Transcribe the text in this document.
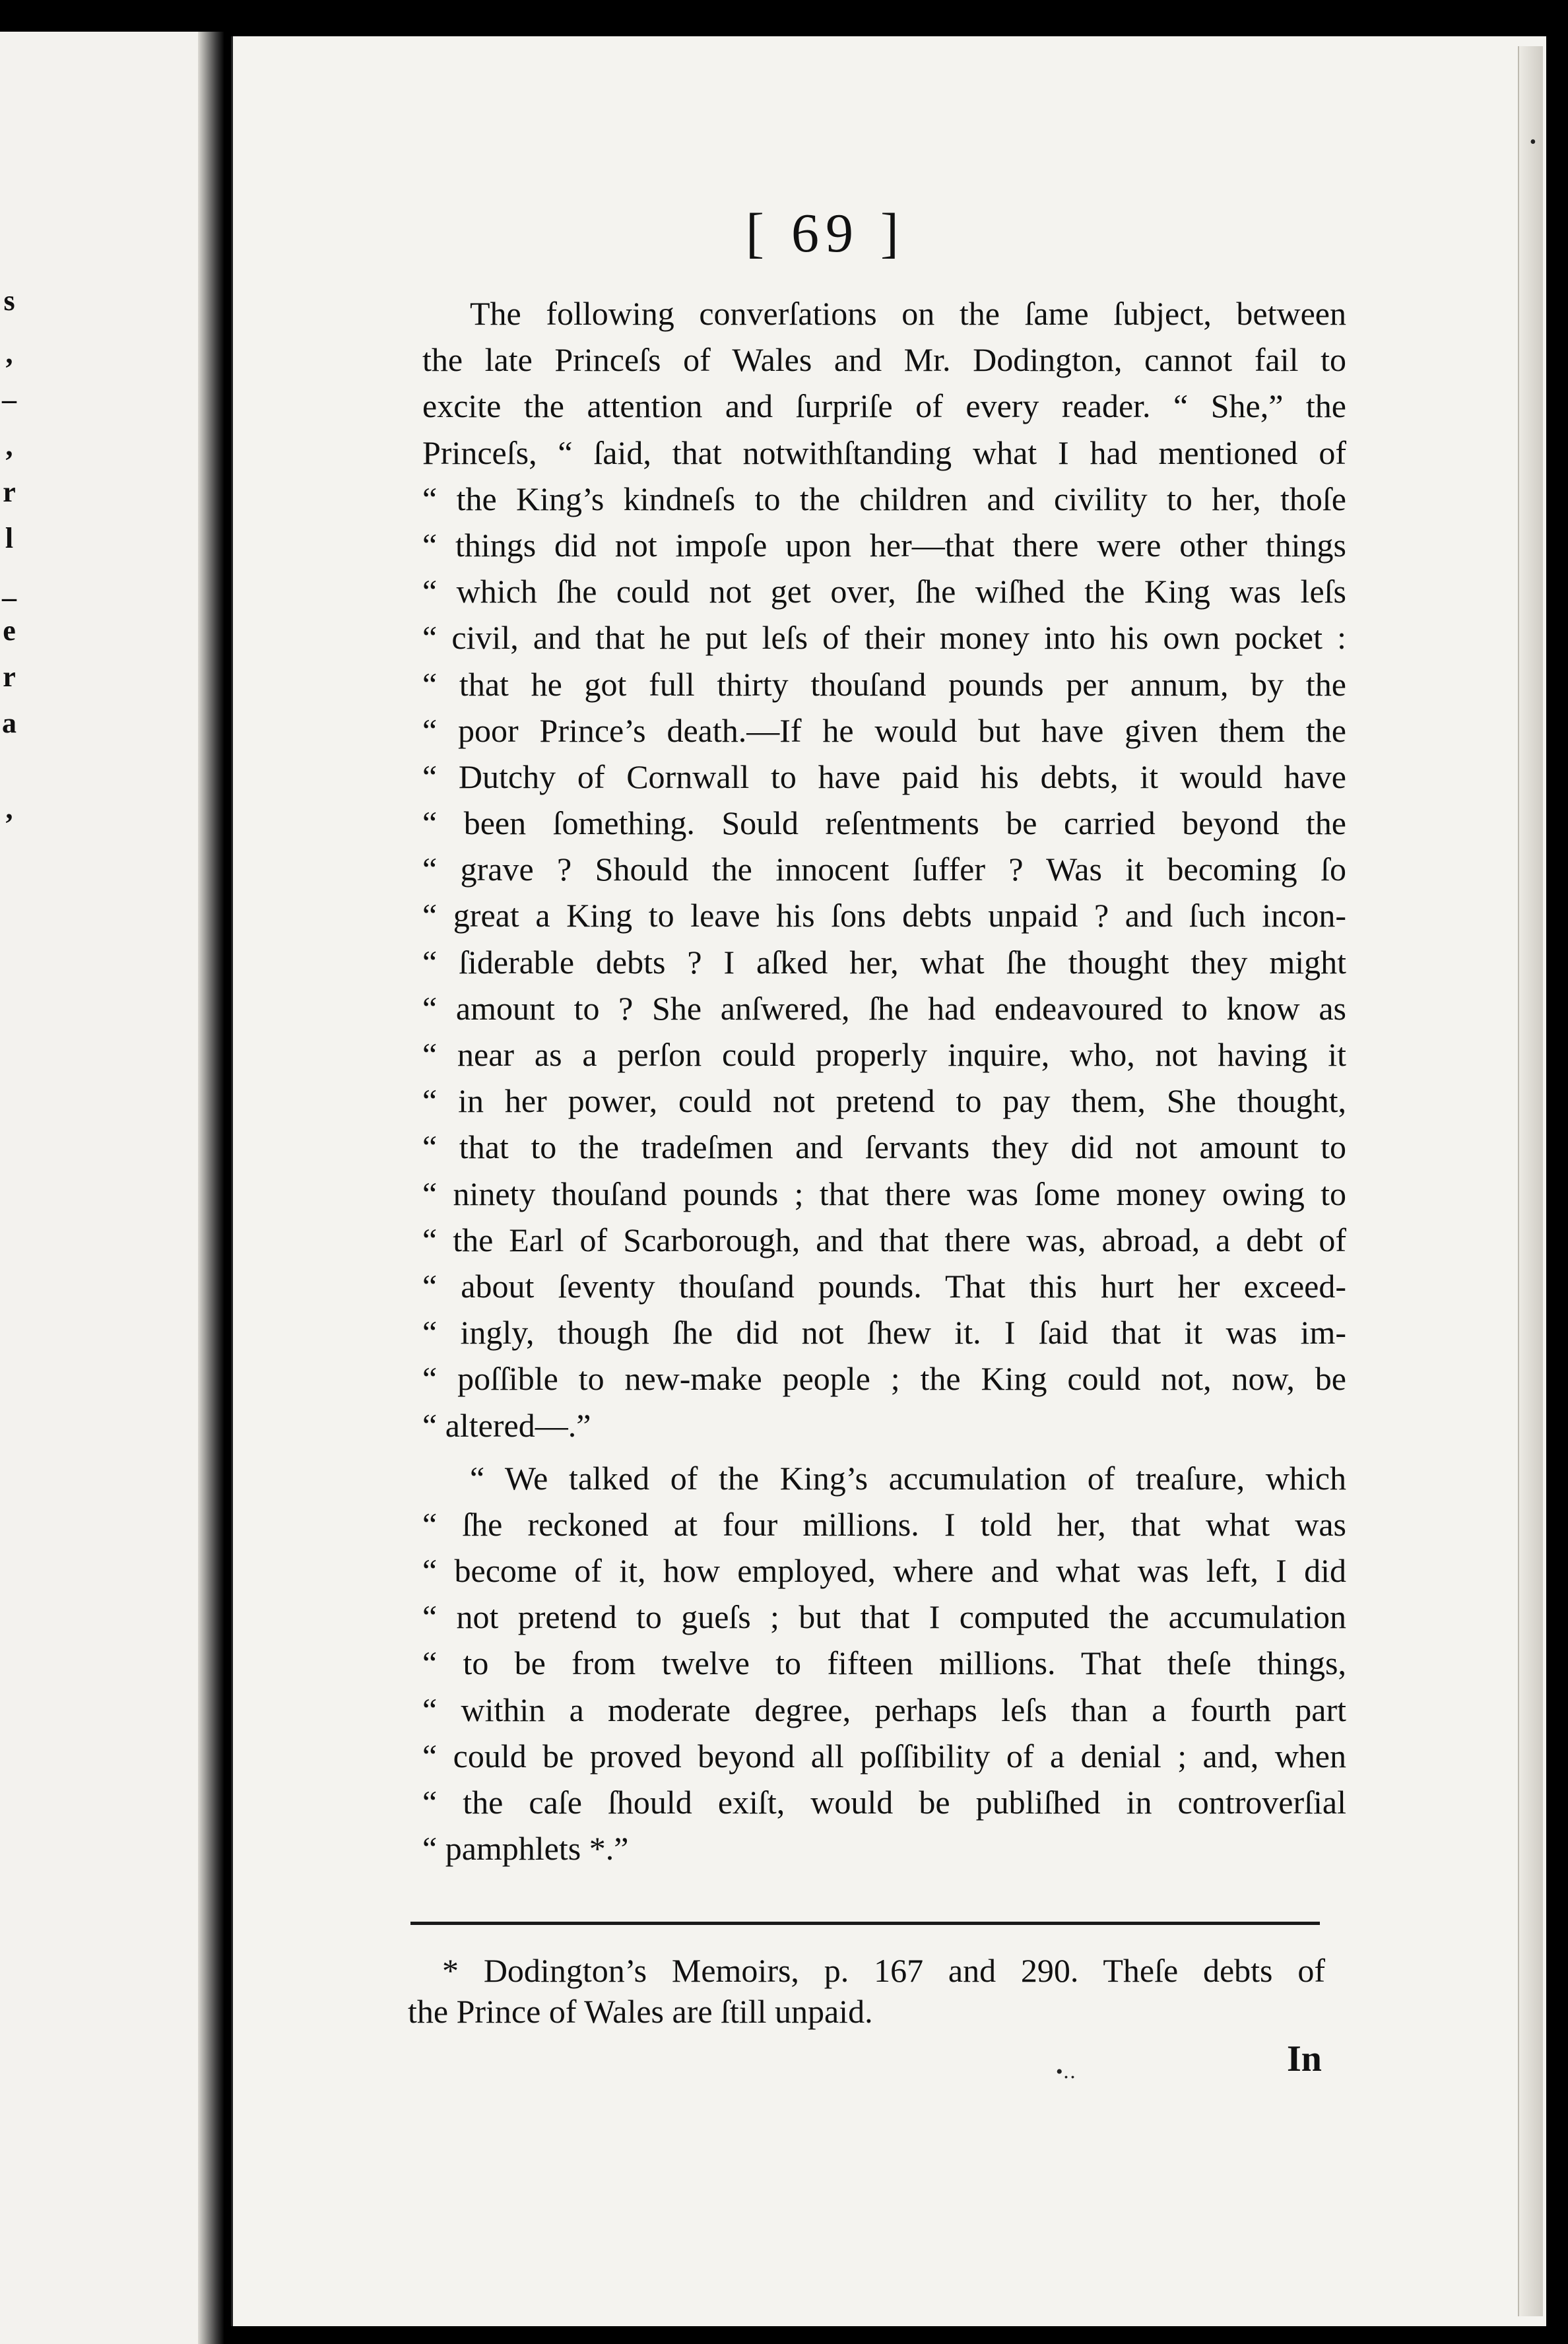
s
,
–
,
r
l
–
e
r
a
,
[ 69 ]
The following converſations on the ſame ſubject, between
the late Princeſs of Wales and Mr. Dodington, cannot fail to
excite the attention and ſurpriſe of every reader. “ She,” the
Princeſs, “ ſaid, that notwithſtanding what I had mentioned of
“ the King’s kindneſs to the children and civility to her, thoſe
“ things did not impoſe upon her—that there were other things
“ which ſhe could not get over, ſhe wiſhed the King was leſs
“ civil, and that he put leſs of their money into his own pocket :
“ that he got full thirty thouſand pounds per annum, by the
“ poor Prince’s death.—If he would but have given them the
“ Dutchy of Cornwall to have paid his debts, it would have
“ been ſomething. Sould reſentments be carried beyond the
“ grave ? Should the innocent ſuffer ? Was it becoming ſo
“ great a King to leave his ſons debts unpaid ? and ſuch incon-
“ ſiderable debts ? I aſked her, what ſhe thought they might
“ amount to ? She anſwered, ſhe had endeavoured to know as
“ near as a perſon could properly inquire, who, not having it
“ in her power, could not pretend to pay them, She thought,
“ that to the tradeſmen and ſervants they did not amount to
“ ninety thouſand pounds ; that there was ſome money owing to
“ the Earl of Scarborough, and that there was, abroad, a debt of
“ about ſeventy thouſand pounds. That this hurt her exceed-
“ ingly, though ſhe did not ſhew it. I ſaid that it was im-
“ poſſible to new-make people ; the King could not, now, be
“ altered—.”
“ We talked of the King’s accumulation of treaſure, which
“ ſhe reckoned at four millions. I told her, that what was
“ become of it, how employed, where and what was left, I did
“ not pretend to gueſs ; but that I computed the accumulation
“ to be from twelve to fifteen millions. That theſe things,
“ within a moderate degree, perhaps leſs than a fourth part
“ could be proved beyond all poſſibility of a denial ; and, when
“ the caſe ſhould exiſt, would be publiſhed in controverſial
“ pamphlets *.”
* Dodington’s Memoirs, p. 167 and 290. Theſe debts of
the Prince of Wales are ſtill unpaid.
•‥	In
•
